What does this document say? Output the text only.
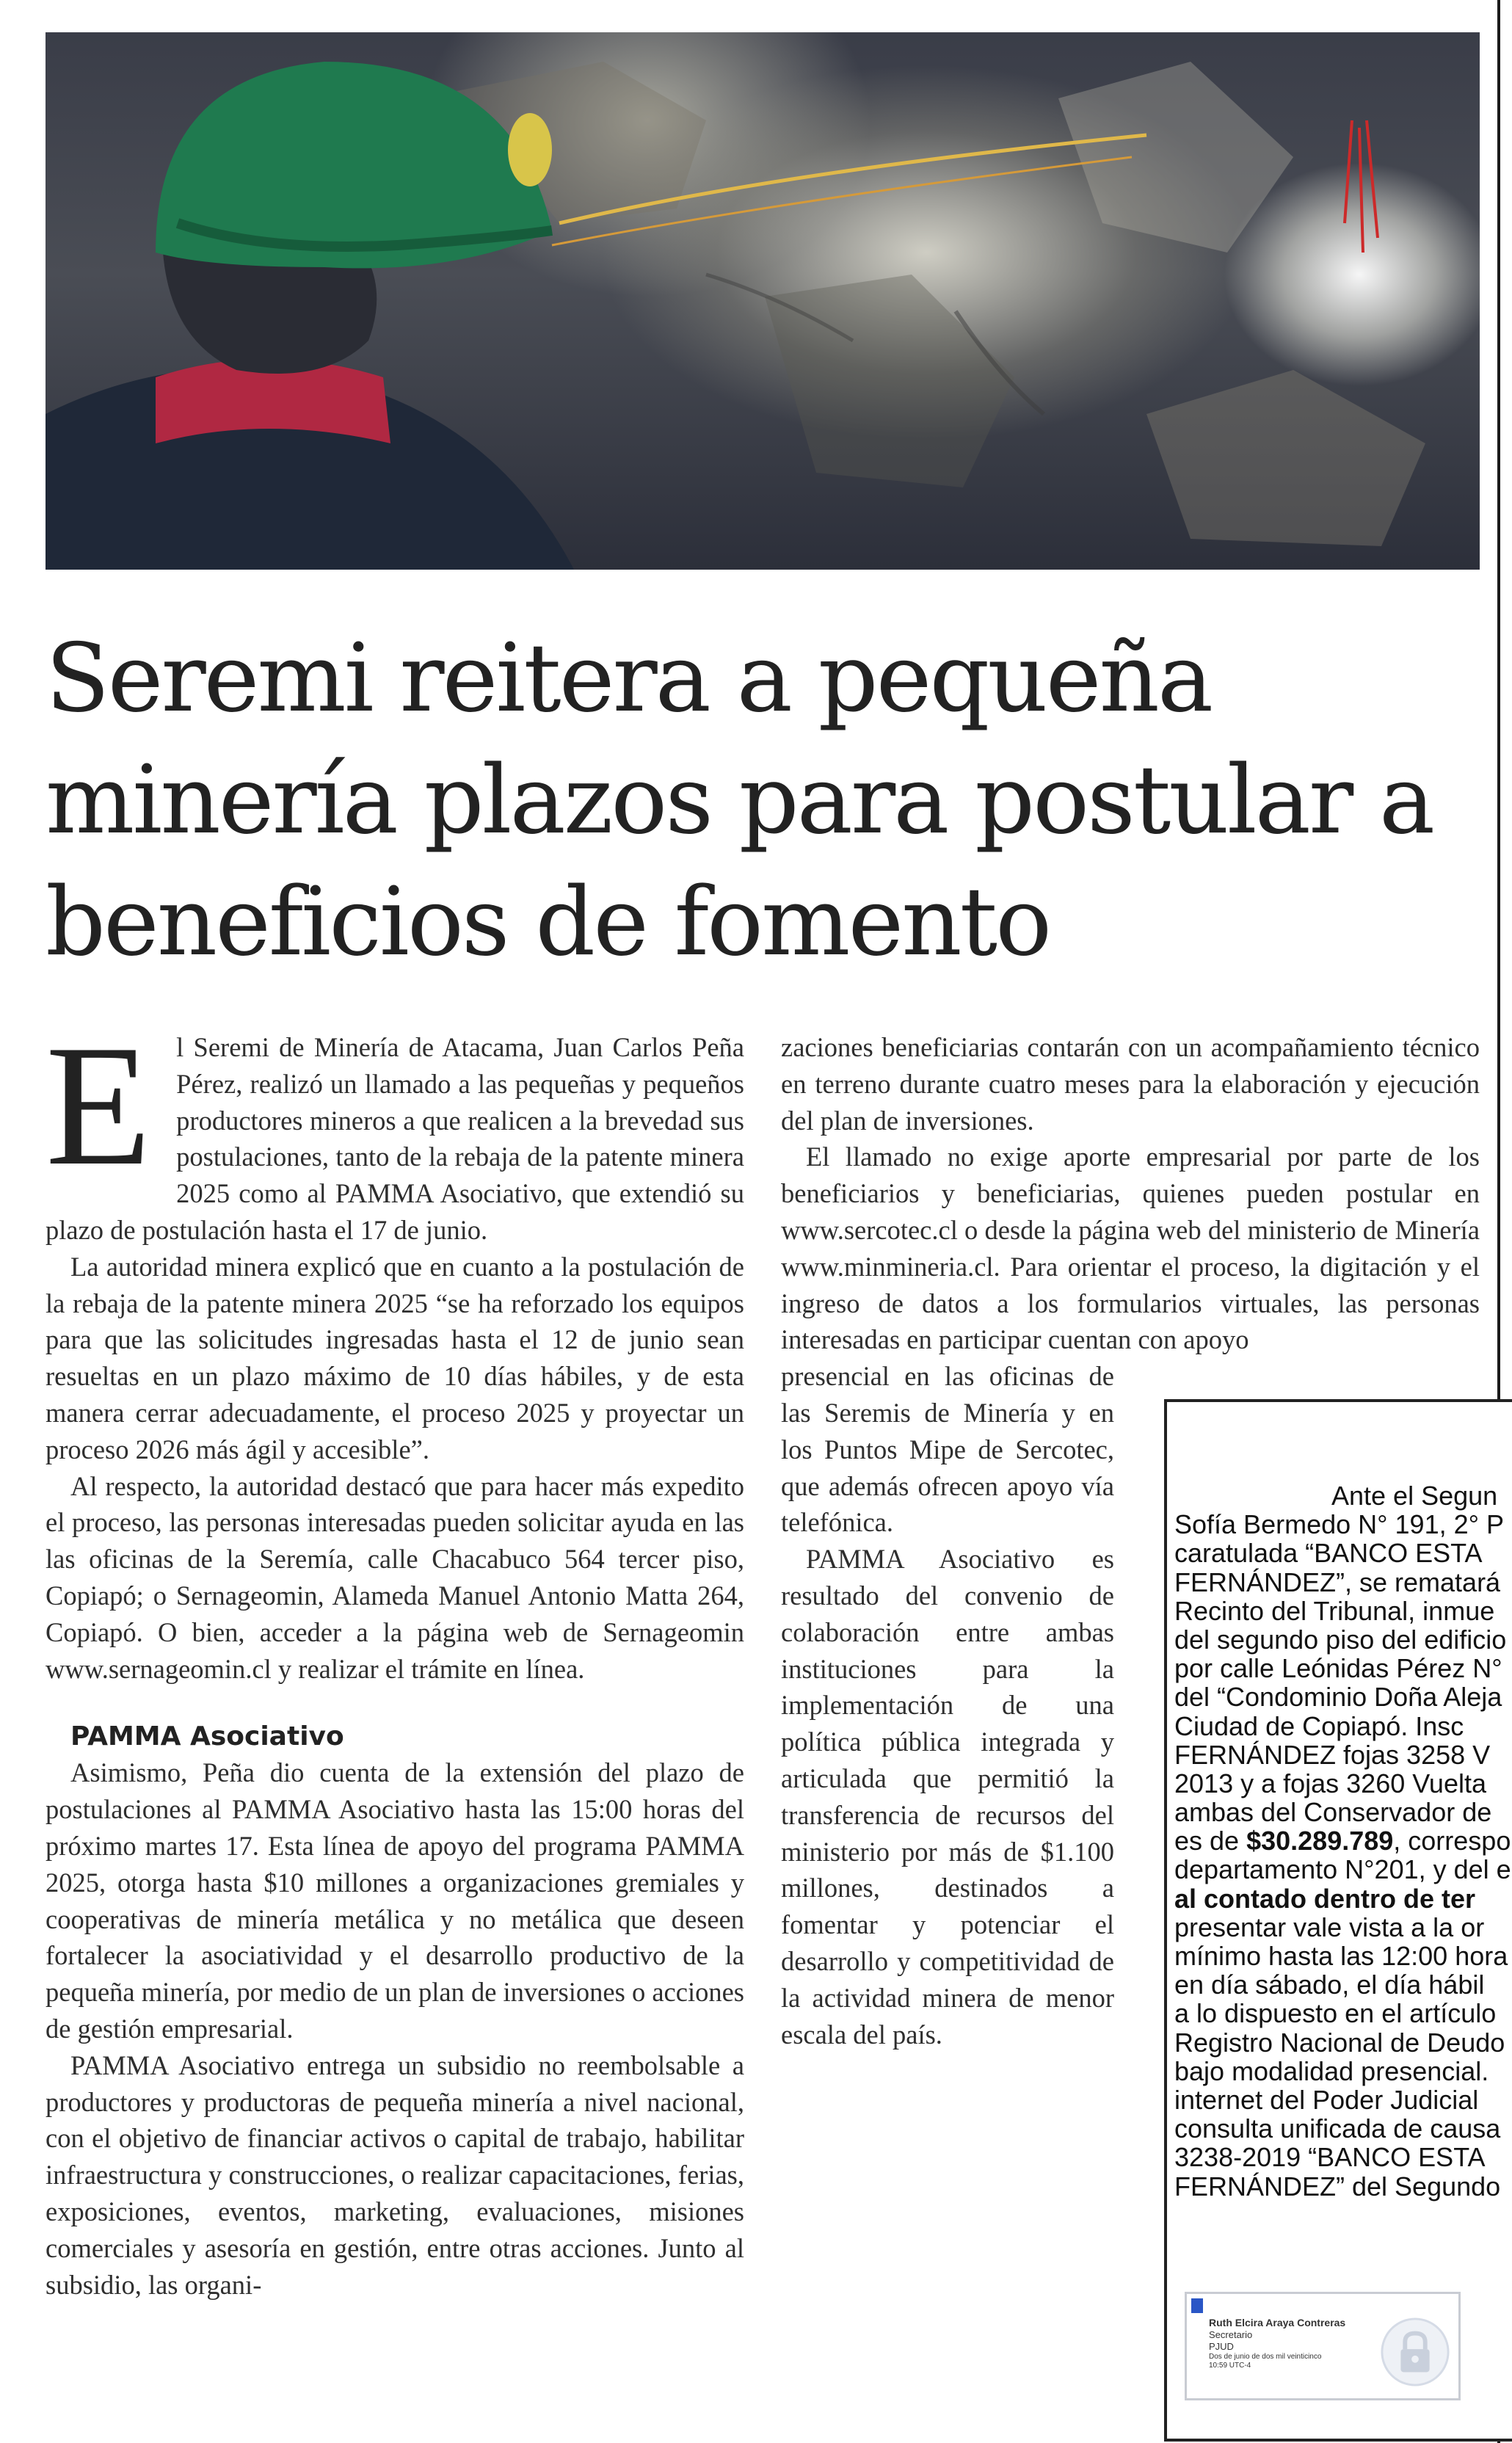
Seremi reitera a pequeña
minería plazos para postular a
beneficios de fomento
E l Seremi de Minería de Atacama, Juan Carlos Peña Pérez, realizó un llamado a las pequeñas y pequeños productores mineros a que realicen a la brevedad sus postulaciones, tanto de la rebaja de la patente minera 2025 como al PAMMA Asociativo, que extendió su plazo de postulación hasta el 17 de junio.

La autoridad minera explicó que en cuanto a la postulación de la rebaja de la patente minera 2025 “se ha reforzado los equipos para que las solicitudes ingresadas hasta el 12 de junio sean resueltas en un plazo máximo de 10 días hábiles, y de esta manera cerrar adecuadamente, el proceso 2025 y proyectar un proceso 2026 más ágil y accesible”.

Al respecto, la autoridad destacó que para hacer más expedito el proceso, las personas interesadas pueden solicitar ayuda en las las oficinas de la Seremía, calle Chacabuco 564 tercer piso, Copiapó; o Sernageomin, Alameda Manuel Antonio Matta 264, Copiapó. O bien, acceder a la página web de Sernageomin www.sernageomin.cl y realizar el trámite en línea.

PAMMA Asociativo

Asimismo, Peña dio cuenta de la extensión del plazo de postulaciones al PAMMA Asociativo hasta las 15:00 horas del próximo martes 17. Esta línea de apoyo del programa PAMMA 2025, otorga hasta $10 millones a organizaciones gremiales y cooperativas de minería metálica y no metálica que deseen fortalecer la asociatividad y el desarrollo productivo de la pequeña minería, por medio de un plan de inversiones o acciones de gestión empresarial.

PAMMA Asociativo entrega un subsidio no reembolsable a productores y productoras de pequeña minería a nivel nacional, con el objetivo de financiar activos o capital de trabajo, habilitar infraestructura y construcciones, o realizar capacitaciones, ferias, exposiciones, eventos, marketing, evaluaciones, misiones comerciales y asesoría en gestión, entre otras acciones. Junto al subsidio, las organi-

zaciones beneficiarias contarán con un acompañamiento técnico en terreno durante cuatro meses para la elaboración y ejecución del plan de inversiones.

El llamado no exige aporte empresarial por parte de los beneficiarios y beneficiarias, quienes pueden postular en www.sercotec.cl o desde la página web del ministerio de Minería www.minmineria.cl. Para orientar el proceso, la digitación y el ingreso de datos a los formularios virtuales, las personas interesadas en participar cuentan con apoyo

presencial en las oficinas de las Seremis de Minería y en los Puntos Mipe de Sercotec, que además ofrecen apoyo vía telefónica.

PAMMA Asociativo es resultado del convenio de colaboración entre ambas instituciones para la implementación de una política pública integrada y articulada que permitió la transferencia de recursos del ministerio por más de $1.100 millones, destinados a fomentar y potenciar el desarrollo y competitividad de la actividad minera de menor escala del país.

Ante el Segun
Sofía Bermedo N° 191, 2° P
caratulada “BANCO ESTA
FERNÁNDEZ”, se rematará
Recinto del Tribunal, inmue
del segundo piso del edificio
por calle Leónidas Pérez N°
del “Condominio Doña Aleja
Ciudad de Copiapó. Insc
FERNÁNDEZ fojas 3258 V
2013 y a fojas 3260 Vuelta
ambas del Conservador de
es de $30.289.789, correspo
departamento N°201, y del e
al contado dentro de ter
presentar vale vista a la or
mínimo hasta las 12:00 hora
en día sábado, el día hábil
a lo dispuesto en el artículo
Registro Nacional de Deudo
bajo modalidad presencial.
internet del Poder Judicial
consulta unificada de causa
3238-2019 “BANCO ESTA
FERNÁNDEZ” del Segundo
Ruth Elcira Araya Contreras
Secretario
PJUD
Dos de junio de dos mil veinticinco
10:59 UTC-4
